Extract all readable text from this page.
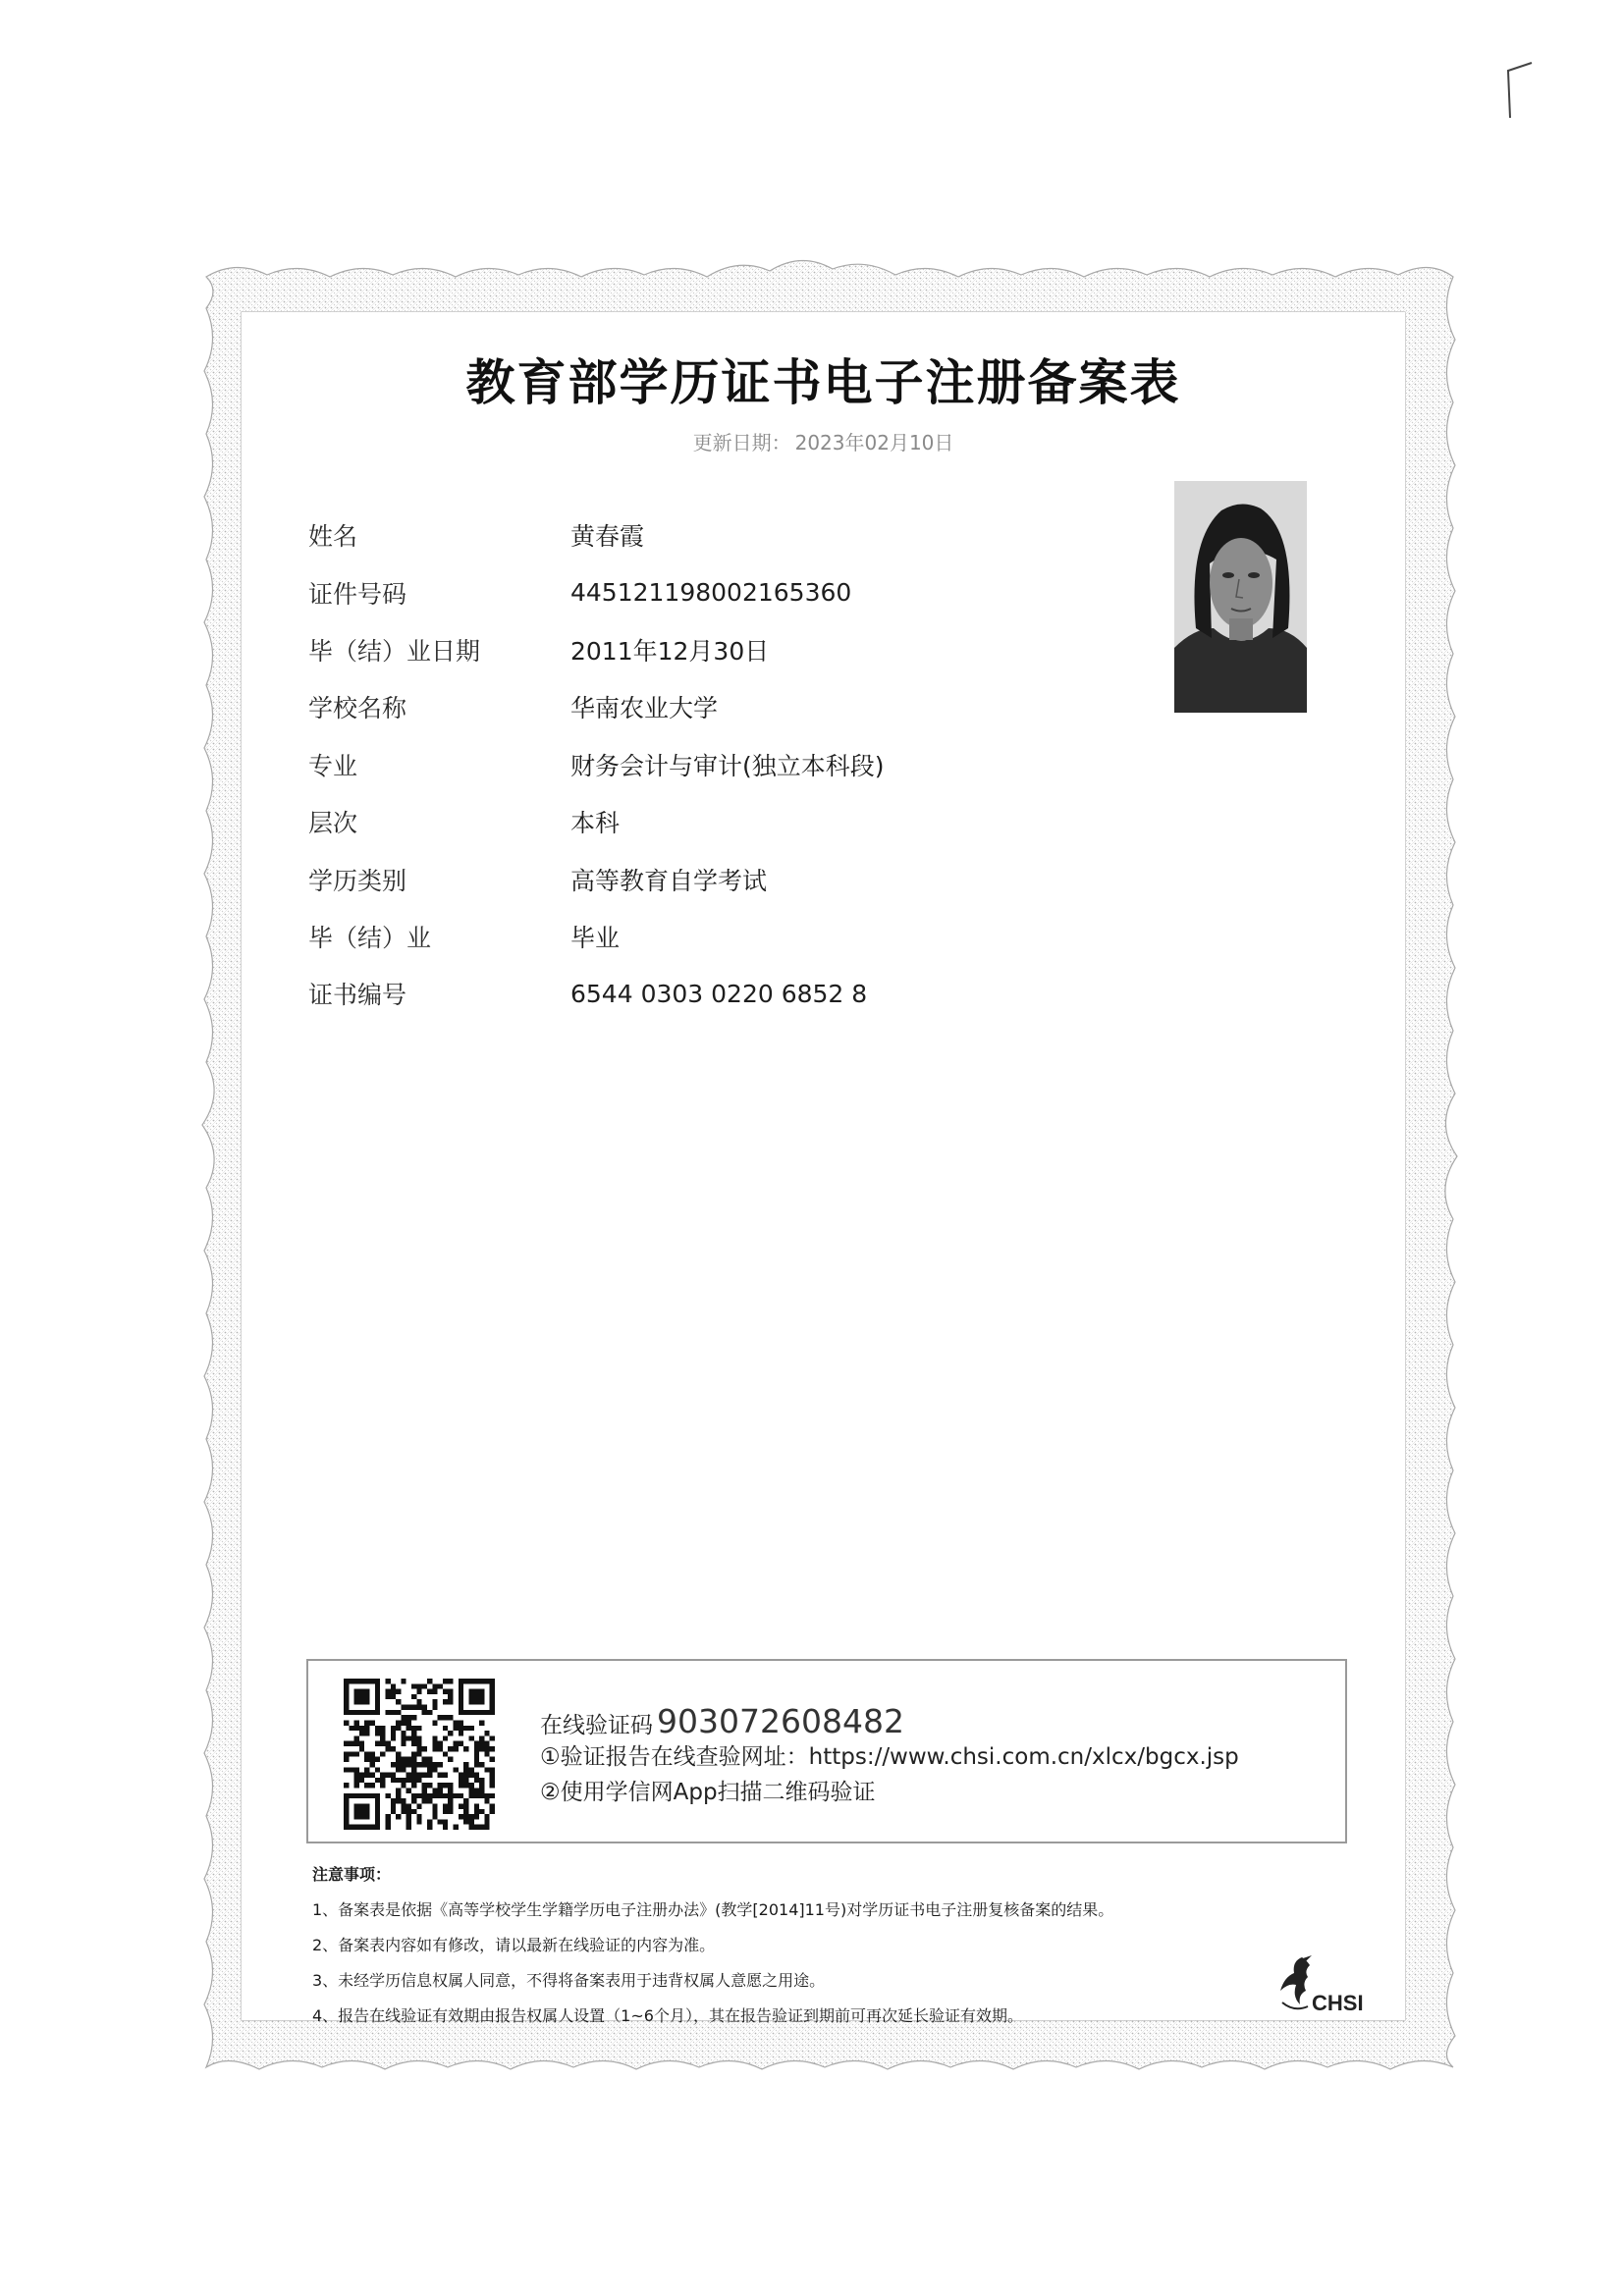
教育部学历证书电子注册备案表
更新日期： 2023年02月10日
姓名	黄春霞
证件号码	445121198002165360
毕（结）业日期	2011年12月30日
学校名称	华南农业大学
专业	财务会计与审计(独立本科段)
层次	本科
学历类别	高等教育自学考试
毕（结）业	毕业
证书编号	6544 0303 0220 6852 8
在线验证码 903072608482
①验证报告在线查验网址：https://www.chsi.com.cn/xlcx/bgcx.jsp
②使用学信网App扫描二维码验证
注意事项：
1、备案表是依据《高等学校学生学籍学历电子注册办法》(教学[2014]11号)对学历证书电子注册复核备案的结果。
2、备案表内容如有修改，请以最新在线验证的内容为准。
3、未经学历信息权属人同意，不得将备案表用于违背权属人意愿之用途。
4、报告在线验证有效期由报告权属人设置（1~6个月），其在报告验证到期前可再次延长验证有效期。
CHSI
